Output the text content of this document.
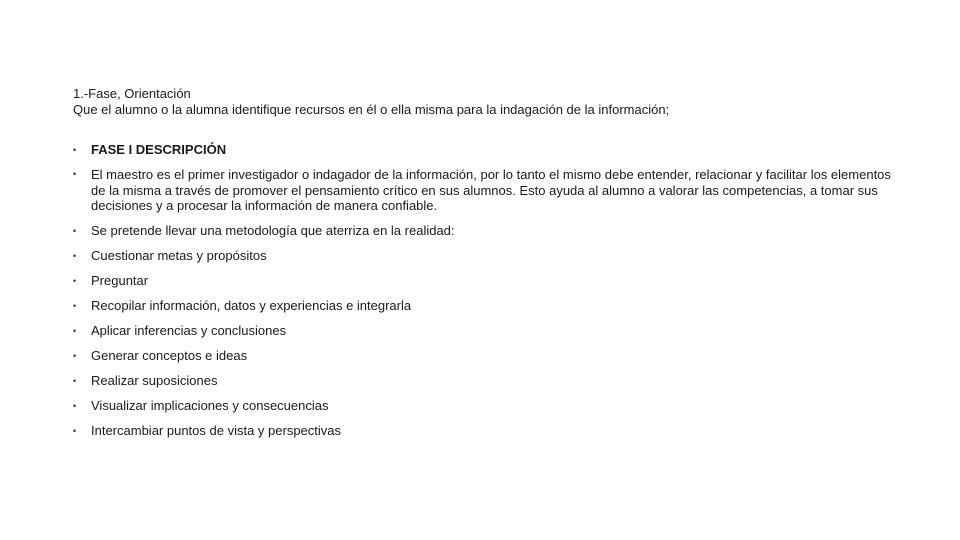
1.-Fase, Orientación

Que el alumno o la alumna identifique recursos en él o ella misma para la indagación de la información;

• FASE I DESCRIPCIÓN
• El maestro es el primer investigador o indagador de la información, por lo tanto el mismo debe entender, relacionar y facilitar los elementos de la misma a través de promover el pensamiento crítico en sus alumnos. Esto ayuda al alumno a valorar las competencias, a tomar sus decisiones y a procesar la información de manera confiable.
• Se pretende llevar una metodología que aterriza en la realidad:
• Cuestionar metas y propósitos
• Preguntar
• Recopilar información, datos y experiencias e integrarla
• Aplicar inferencias y conclusiones
• Generar conceptos e ideas
• Realizar suposiciones
• Visualizar implicaciones y consecuencias
• Intercambiar puntos de vista y perspectivas
